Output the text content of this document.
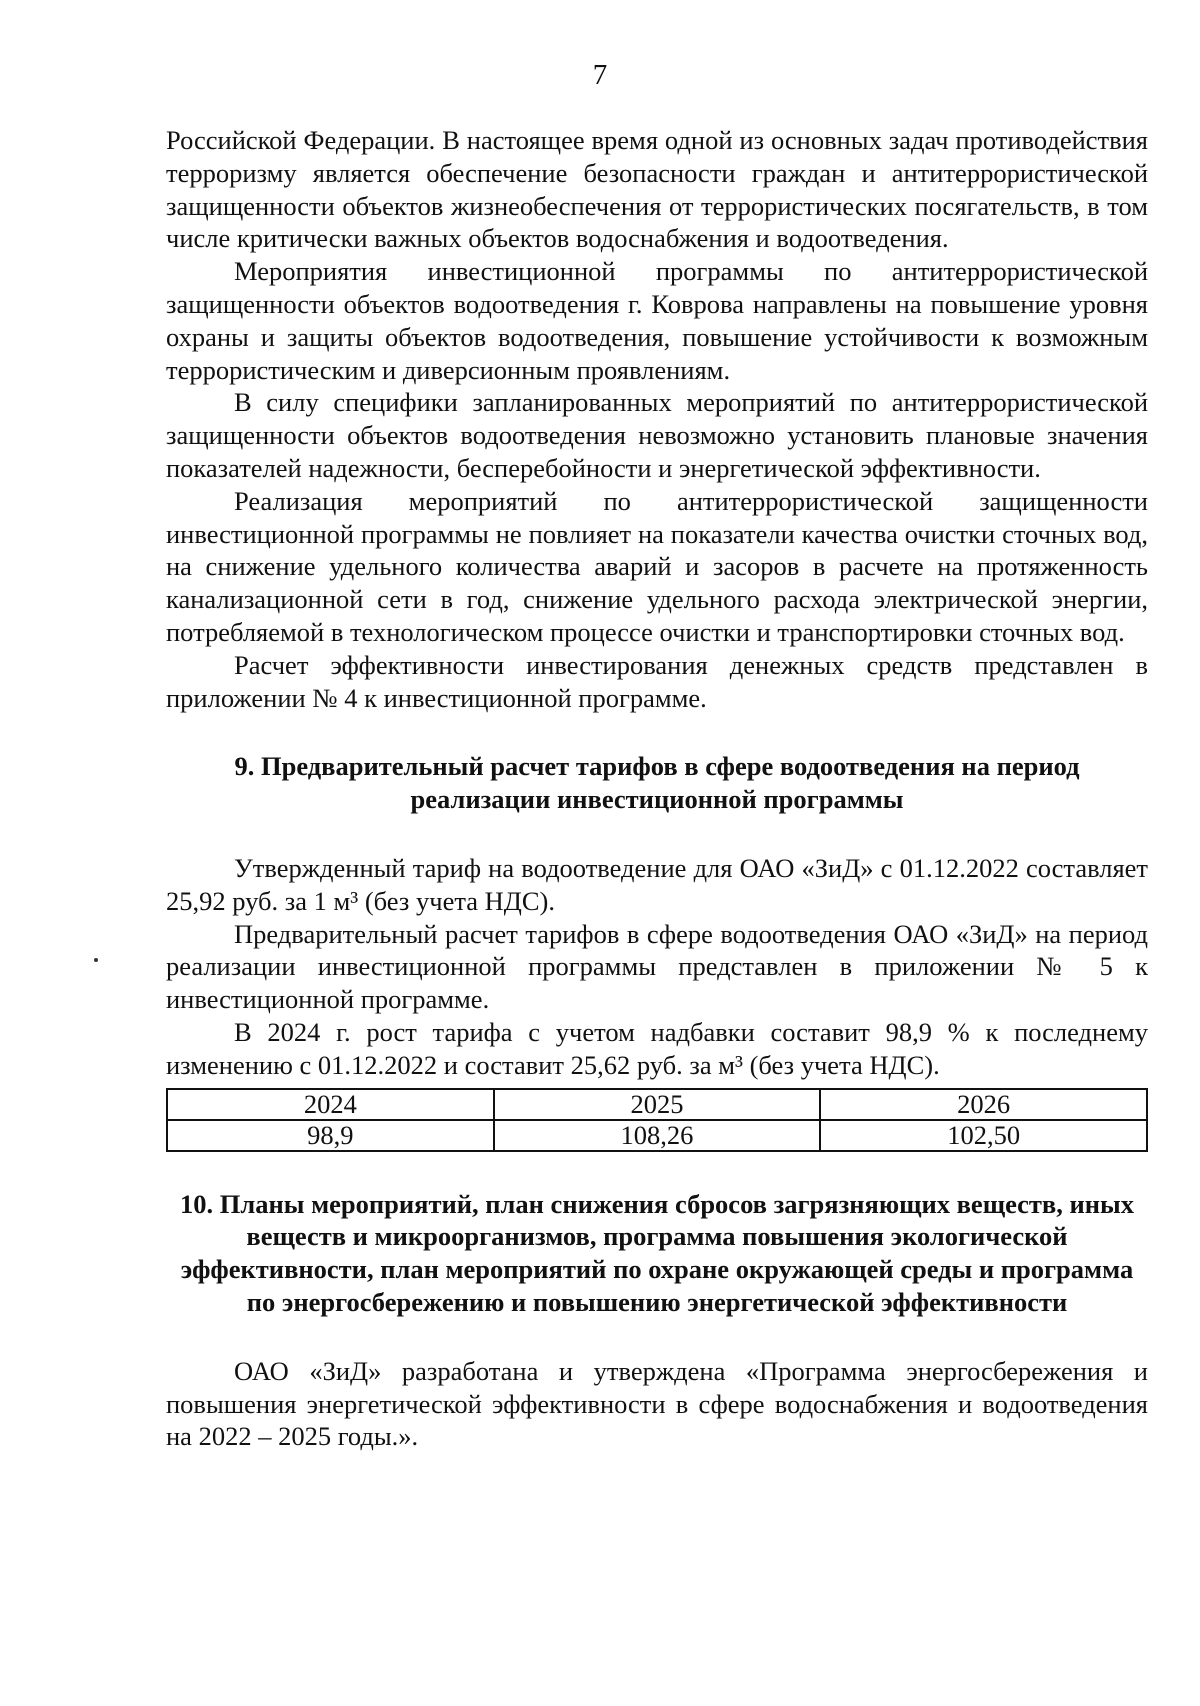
7

Российской Федерации. В настоящее время одной из основных задач противодействия терроризму является обеспечение безопасности граждан и антитеррористической защищенности объектов жизнеобеспечения от террористических посягательств, в том числе критически важных объектов водоснабжения и водоотведения.

Мероприятия инвестиционной программы по антитеррористической защищенности объектов водоотведения г. Коврова направлены на повышение уровня охраны и защиты объектов водоотведения, повышение устойчивости к возможным террористическим и диверсионным проявлениям.

В силу специфики запланированных мероприятий по антитеррористической защищенности объектов водоотведения невозможно установить плановые значения показателей надежности, бесперебойности и энергетической эффективности.

Реализация мероприятий по антитеррористической защищенности инвестиционной программы не повлияет на показатели качества очистки сточных вод, на снижение удельного количества аварий и засоров в расчете на протяженность канализационной сети в год, снижение удельного расхода электрической энергии, потребляемой в технологическом процессе очистки и транспортировки сточных вод.

Расчет эффективности инвестирования денежных средств представлен в приложении № 4 к инвестиционной программе.

9. Предварительный расчет тарифов в сфере водоотведения на период реализации инвестиционной программы

Утвержденный тариф на водоотведение для ОАО «ЗиД» с 01.12.2022 составляет 25,92 руб. за 1 м³ (без учета НДС).

Предварительный расчет тарифов в сфере водоотведения ОАО «ЗиД» на период реализации инвестиционной программы представлен в приложении № 5 к инвестиционной программе.

В 2024 г. рост тарифа с учетом надбавки составит 98,9 % к последнему изменению с 01.12.2022 и составит 25,62 руб. за м³ (без учета НДС).

2024	2025	2026
98,9	108,26	102,50
10. Планы мероприятий, план снижения сбросов загрязняющих веществ, иных веществ и микроорганизмов, программа повышения экологической эффективности, план мероприятий по охране окружающей среды и программа по энергосбережению и повышению энергетической эффективности

ОАО «ЗиД» разработана и утверждена «Программа энергосбережения и повышения энергетической эффективности в сфере водоснабжения и водоотведения на 2022 – 2025 годы.».
